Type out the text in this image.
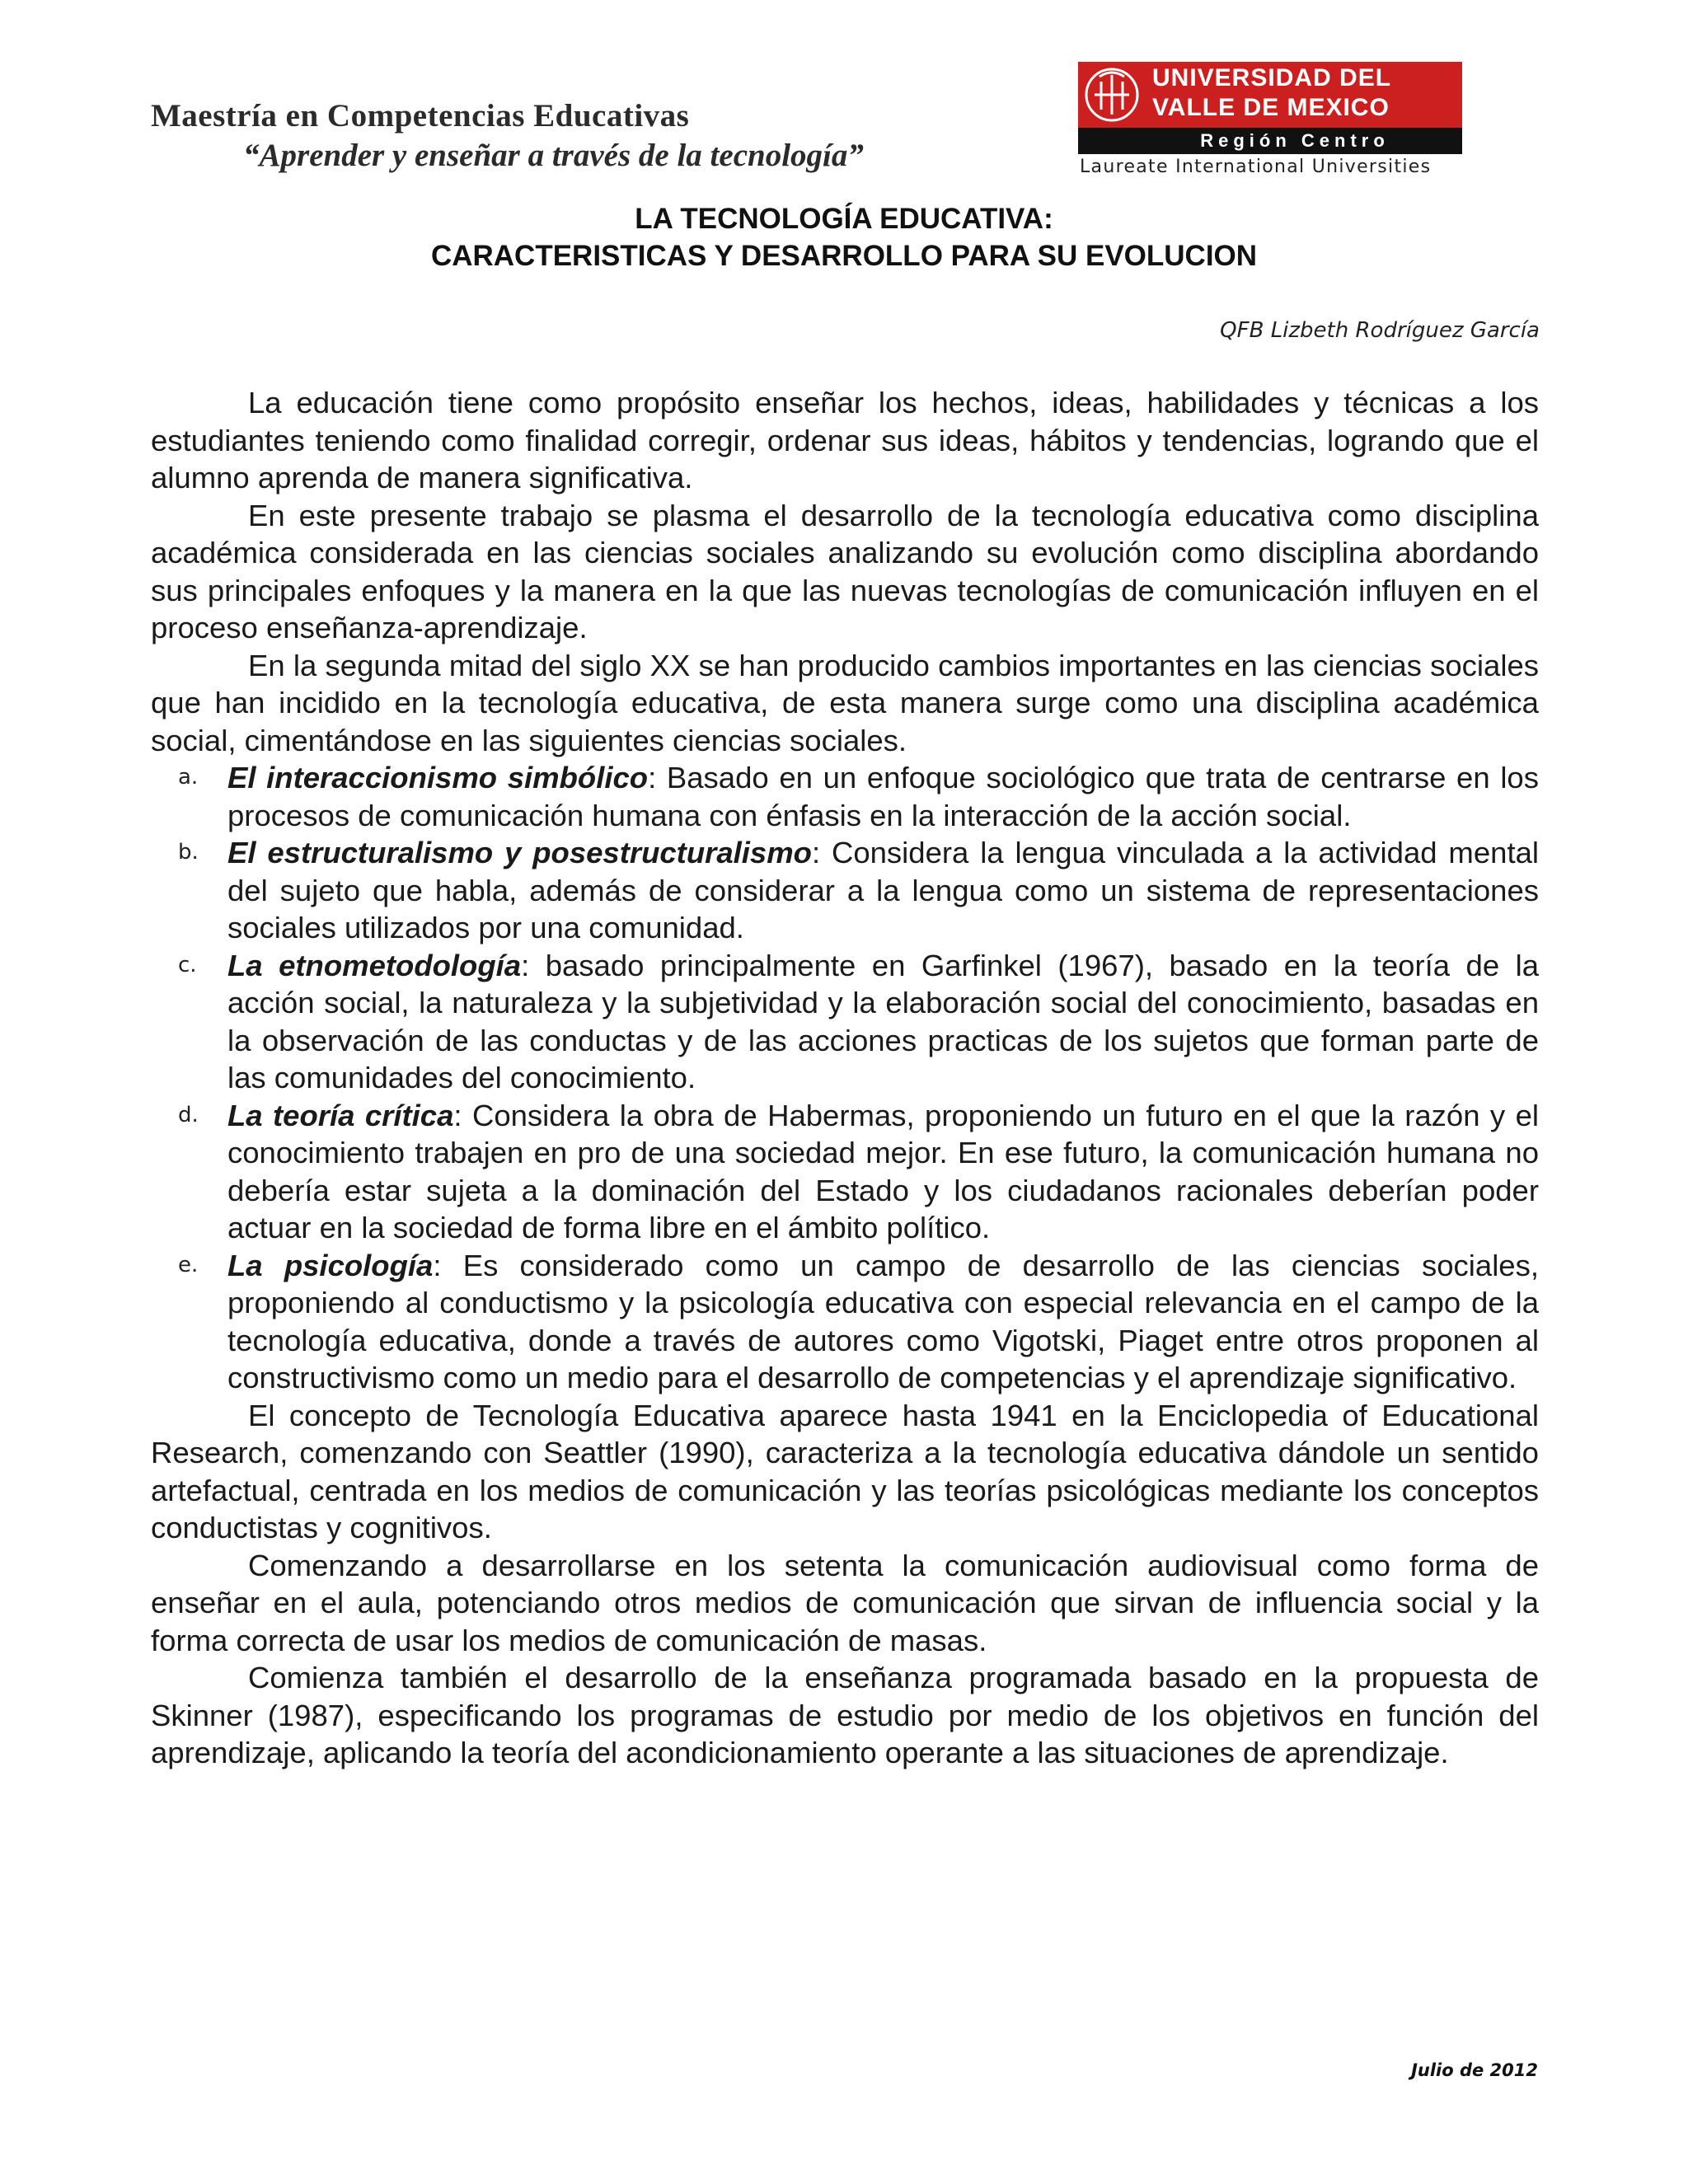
Maestría en Competencias Educativas
“Aprender y enseñar a través de la tecnología”
UNIVERSIDAD DEL
VALLE DE MEXICO
Región Centro
Laureate International Universities
LA TECNOLOGÍA EDUCATIVA:
CARACTERISTICAS Y DESARROLLO PARA SU EVOLUCION
QFB Lizbeth Rodríguez García

La educación tiene como propósito enseñar los hechos, ideas, habilidades y técnicas a los estudiantes teniendo como finalidad corregir, ordenar sus ideas, hábitos y tendencias, logrando que el alumno aprenda de manera significativa.

En este presente trabajo se plasma el desarrollo de la tecnología educativa como disciplina académica considerada en las ciencias sociales analizando su evolución como disciplina abordando sus principales enfoques y la manera en la que las nuevas tecnologías de comunicación influyen en el proceso enseñanza-aprendizaje.

En la segunda mitad del siglo XX se han producido cambios importantes en las ciencias sociales que han incidido en la tecnología educativa, de esta manera surge como una disciplina académica social, cimentándose en las siguientes ciencias sociales.

a. El interaccionismo simbólico: Basado en un enfoque sociológico que trata de centrarse en los procesos de comunicación humana con énfasis en la interacción de la acción social.
b. El estructuralismo y posestructuralismo: Considera la lengua vinculada a la actividad mental del sujeto que habla, además de considerar a la lengua como un sistema de representaciones sociales utilizados por una comunidad.
c. La etnometodología: basado principalmente en Garfinkel (1967), basado en la teoría de la acción social, la naturaleza y la subjetividad y la elaboración social del conocimiento, basadas en la observación de las conductas y de las acciones practicas de los sujetos que forman parte de las comunidades del conocimiento.
d. La teoría crítica: Considera la obra de Habermas, proponiendo un futuro en el que la razón y el conocimiento trabajen en pro de una sociedad mejor. En ese futuro, la comunicación humana no debería estar sujeta a la dominación del Estado y los ciudadanos racionales deberían poder actuar en la sociedad de forma libre en el ámbito político.
e. La psicología: Es considerado como un campo de desarrollo de las ciencias sociales, proponiendo al conductismo y la psicología educativa con especial relevancia en el campo de la tecnología educativa, donde a través de autores como Vigotski, Piaget entre otros proponen al constructivismo como un medio para el desarrollo de competencias y el aprendizaje significativo.

El concepto de Tecnología Educativa aparece hasta 1941 en la Enciclopedia of Educational Research, comenzando con Seattler (1990), caracteriza a la tecnología educativa dándole un sentido artefactual, centrada en los medios de comunicación y las teorías psicológicas mediante los conceptos conductistas y cognitivos.

Comenzando a desarrollarse en los setenta la comunicación audiovisual como forma de enseñar en el aula, potenciando otros medios de comunicación que sirvan de influencia social y la forma correcta de usar los medios de comunicación de masas.

Comienza también el desarrollo de la enseñanza programada basado en la propuesta de Skinner (1987), especificando los programas de estudio por medio de los objetivos en función del aprendizaje, aplicando la teoría del acondicionamiento operante a las situaciones de aprendizaje.

Julio de 2012
